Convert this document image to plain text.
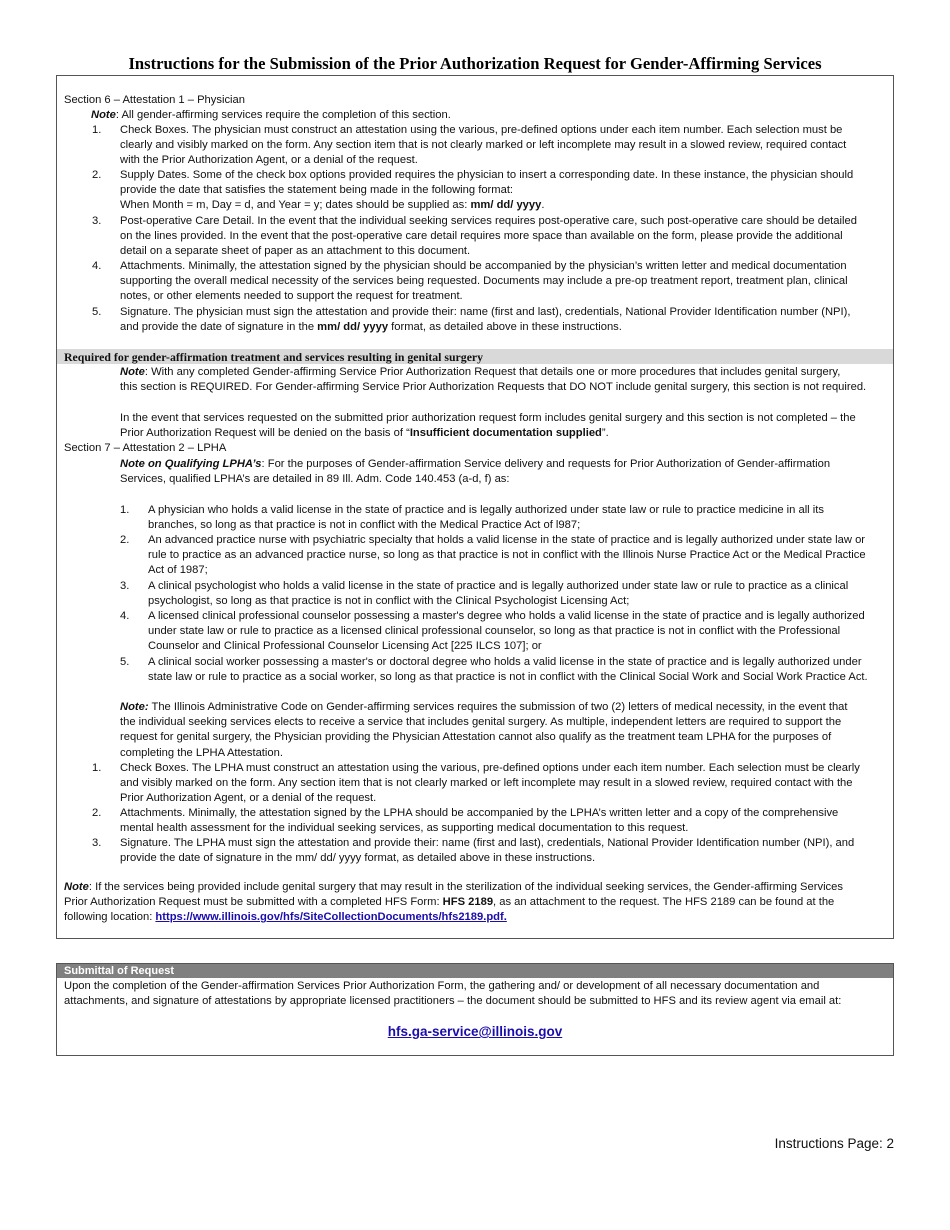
Instructions for the Submission of the Prior Authorization Request for Gender-Affirming Services
Required for gender-affirmation treatment and services resulting in genital surgery
Section 6 – Attestation 1 – Physician
Note: All gender-affirming services require the completion of this section.
1. Check Boxes. The physician must construct an attestation using the various, pre-defined options under each item number. Each selection must be
clearly and visibly marked on the form. Any section item that is not clearly marked or left incomplete may result in a slowed review, required contact
with the Prior Authorization Agent, or a denial of the request.
2. Supply Dates. Some of the check box options provided requires the physician to insert a corresponding date. In these instance, the physician should
provide the date that satisfies the statement being made in the following format:
When Month = m, Day = d, and Year = y; dates should be supplied as: mm/ dd/ yyyy.
3. Post-operative Care Detail. In the event that the individual seeking services requires post-operative care, such post-operative care should be detailed
on the lines provided. In the event that the post-operative care detail requires more space than available on the form, please provide the additional
detail on a separate sheet of paper as an attachment to this document.
4. Attachments. Minimally, the attestation signed by the physician should be accompanied by the physician’s written letter and medical documentation
supporting the overall medical necessity of the services being requested. Documents may include a pre-op treatment report, treatment plan, clinical
notes, or other elements needed to support the request for treatment.
5. Signature. The physician must sign the attestation and provide their: name (first and last), credentials, National Provider Identification number (NPI),
and provide the date of signature in the mm/ dd/ yyyy format, as detailed above in these instructions.
Note: With any completed Gender-affirming Service Prior Authorization Request that details one or more procedures that includes genital surgery,
this section is REQUIRED. For Gender-affirming Service Prior Authorization Requests that DO NOT include genital surgery, this section is not required.
In the event that services requested on the submitted prior authorization request form includes genital surgery and this section is not completed – the
Prior Authorization Request will be denied on the basis of “Insufficient documentation supplied”.
Section 7 – Attestation 2 – LPHA
Note on Qualifying LPHA’s: For the purposes of Gender-affirmation Service delivery and requests for Prior Authorization of Gender-affirmation
Services, qualified LPHA’s are detailed in 89 Ill. Adm. Code 140.453 (a-d, f) as:
1. A physician who holds a valid license in the state of practice and is legally authorized under state law or rule to practice medicine in all its
branches, so long as that practice is not in conflict with the Medical Practice Act of l987;
2. An advanced practice nurse with psychiatric specialty that holds a valid license in the state of practice and is legally authorized under state law or
rule to practice as an advanced practice nurse, so long as that practice is not in conflict with the Illinois Nurse Practice Act or the Medical Practice
Act of 1987;
3. A clinical psychologist who holds a valid license in the state of practice and is legally authorized under state law or rule to practice as a clinical
psychologist, so long as that practice is not in conflict with the Clinical Psychologist Licensing Act;
4. A licensed clinical professional counselor possessing a master's degree who holds a valid license in the state of practice and is legally authorized
under state law or rule to practice as a licensed clinical professional counselor, so long as that practice is not in conflict with the Professional
Counselor and Clinical Professional Counselor Licensing Act [225 ILCS 107]; or
5. A clinical social worker possessing a master's or doctoral degree who holds a valid license in the state of practice and is legally authorized under
state law or rule to practice as a social worker, so long as that practice is not in conflict with the Clinical Social Work and Social Work Practice Act.
Note: The Illinois Administrative Code on Gender-affirming services requires the submission of two (2) letters of medical necessity, in the event that
the individual seeking services elects to receive a service that includes genital surgery. As multiple, independent letters are required to support the
request for genital surgery, the Physician providing the Physician Attestation cannot also qualify as the treatment team LPHA for the purposes of
completing the LPHA Attestation.
1. Check Boxes. The LPHA must construct an attestation using the various, pre-defined options under each item number. Each selection must be clearly
and visibly marked on the form. Any section item that is not clearly marked or left incomplete may result in a slowed review, required contact with the
Prior Authorization Agent, or a denial of the request.
2. Attachments. Minimally, the attestation signed by the LPHA should be accompanied by the LPHA’s written letter and a copy of the comprehensive
mental health assessment for the individual seeking services, as supporting medical documentation to this request.
3. Signature. The LPHA must sign the attestation and provide their: name (first and last), credentials, National Provider Identification number (NPI), and
provide the date of signature in the mm/ dd/ yyyy format, as detailed above in these instructions.
Note: If the services being provided include genital surgery that may result in the sterilization of the individual seeking services, the Gender-affirming Services
Prior Authorization Request must be submitted with a completed HFS Form: HFS 2189, as an attachment to the request. The HFS 2189 can be found at the
following location: https://www.illinois.gov/hfs/SiteCollectionDocuments/hfs2189.pdf.
Submittal of Request
Upon the completion of the Gender-affirmation Services Prior Authorization Form, the gathering and/ or development of all necessary documentation and
attachments, and signature of attestations by appropriate licensed practitioners – the document should be submitted to HFS and its review agent via email at:
hfs.ga-service@illinois.gov
Instructions Page: 2
